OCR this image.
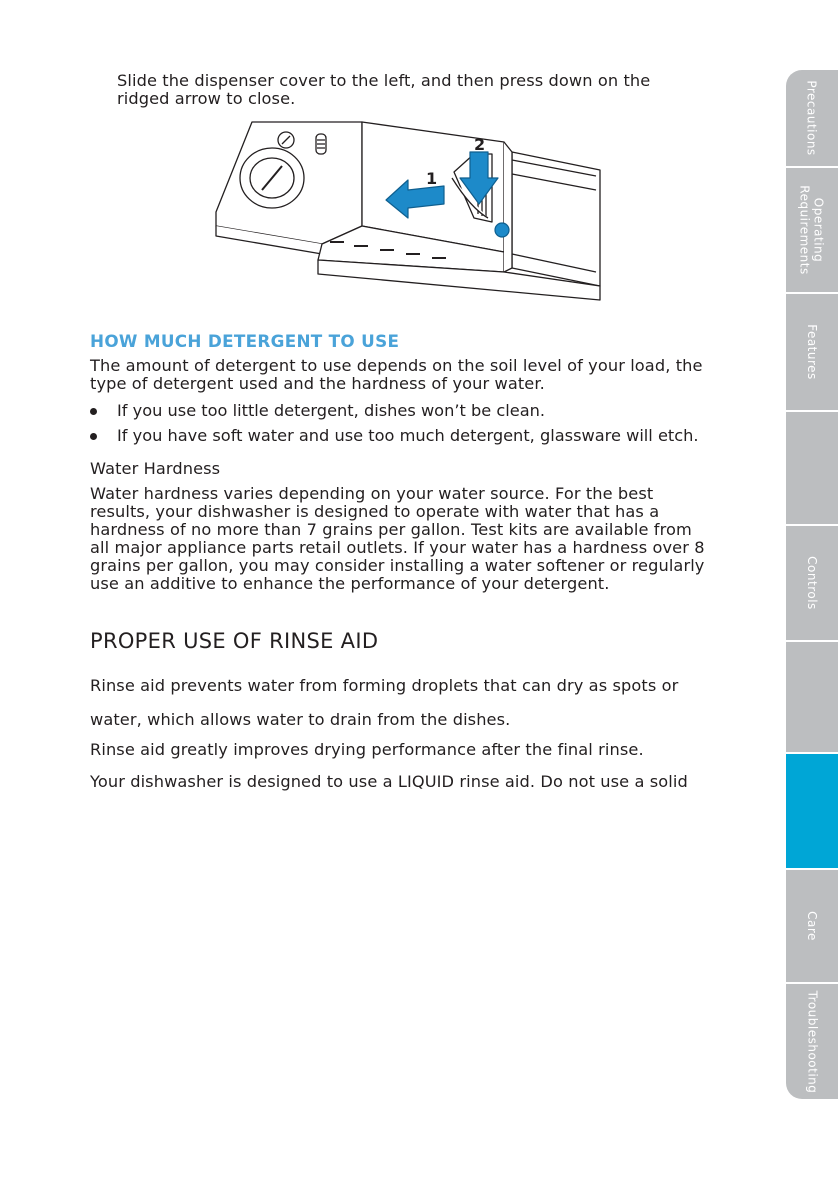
Slide the dispenser cover to the left, and then press down on the
ridged arrow to close.
1
2
HOW MUCH DETERGENT TO USE
The amount of detergent to use depends on the soil level of your load, the
type of detergent used and the hardness of your water.
If you use too little detergent, dishes won’t be clean.
If you have soft water and use too much detergent, glassware will etch.
Water Hardness
Water hardness varies depending on your water source. For the best
results, your dishwasher is designed to operate with water that has a
hardness of no more than 7 grains per gallon. Test kits are available from
all major appliance parts retail outlets. If your water has a hardness over 8
grains per gallon, you may consider installing a water softener or regularly
use an additive to enhance the performance of your detergent.
PROPER USE OF RINSE AID
Rinse aid prevents water from forming droplets that can dry as spots or
water, which allows water to drain from the dishes.
Rinse aid greatly improves drying performance after the final rinse.
Your dishwasher is designed to use a LIQUID rinse aid. Do not use a solid
Precautions
Operating
Requirements
Features
Controls
Care
Troubleshooting
